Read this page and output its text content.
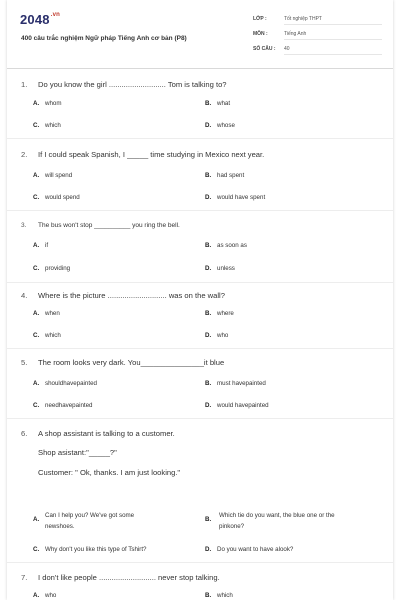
$2048^{.vn}$
400 câu trắc nghiệm Ngữ pháp Tiếng Anh cơ bản (P8)
LỚP :	Tốt nghiệp THPT
MÔN :	Tiếng Anh
SỐ CÂU : 40
1. Do you know the girl ........................... Tom is talking to?
A. whom	B. what
C. which	D. whose
2. If I could speak Spanish, I _____ time studying in Mexico next year.
A. will spend	B. had spent
C. would spend	D. would have spent
3. The bus won't stop __________ you ring the bell.
A. if	B. as soon as
C. providing	D. unless
4. Where is the picture ............................ was on the wall?
A. when	B. where
C. which	D. who
5. The room looks very dark. You_______________it blue
A. shouldhavepainted	B. must havepainted
C. needhavepainted	D. would havepainted
6. A shop assistant is talking to a customer.
Shop asistant:"_____?"
Customer: " Ok, thanks. I am just looking."
A.
Can I help you? We've got some
newshoes.
B.
Which tie do you want, the blue one or the
pinkone?
C. Why don't you like this type of Tshirt?	D. Do you want to have alook?
7. I don't like people ........................... never stop talking.
A. who	B. which
